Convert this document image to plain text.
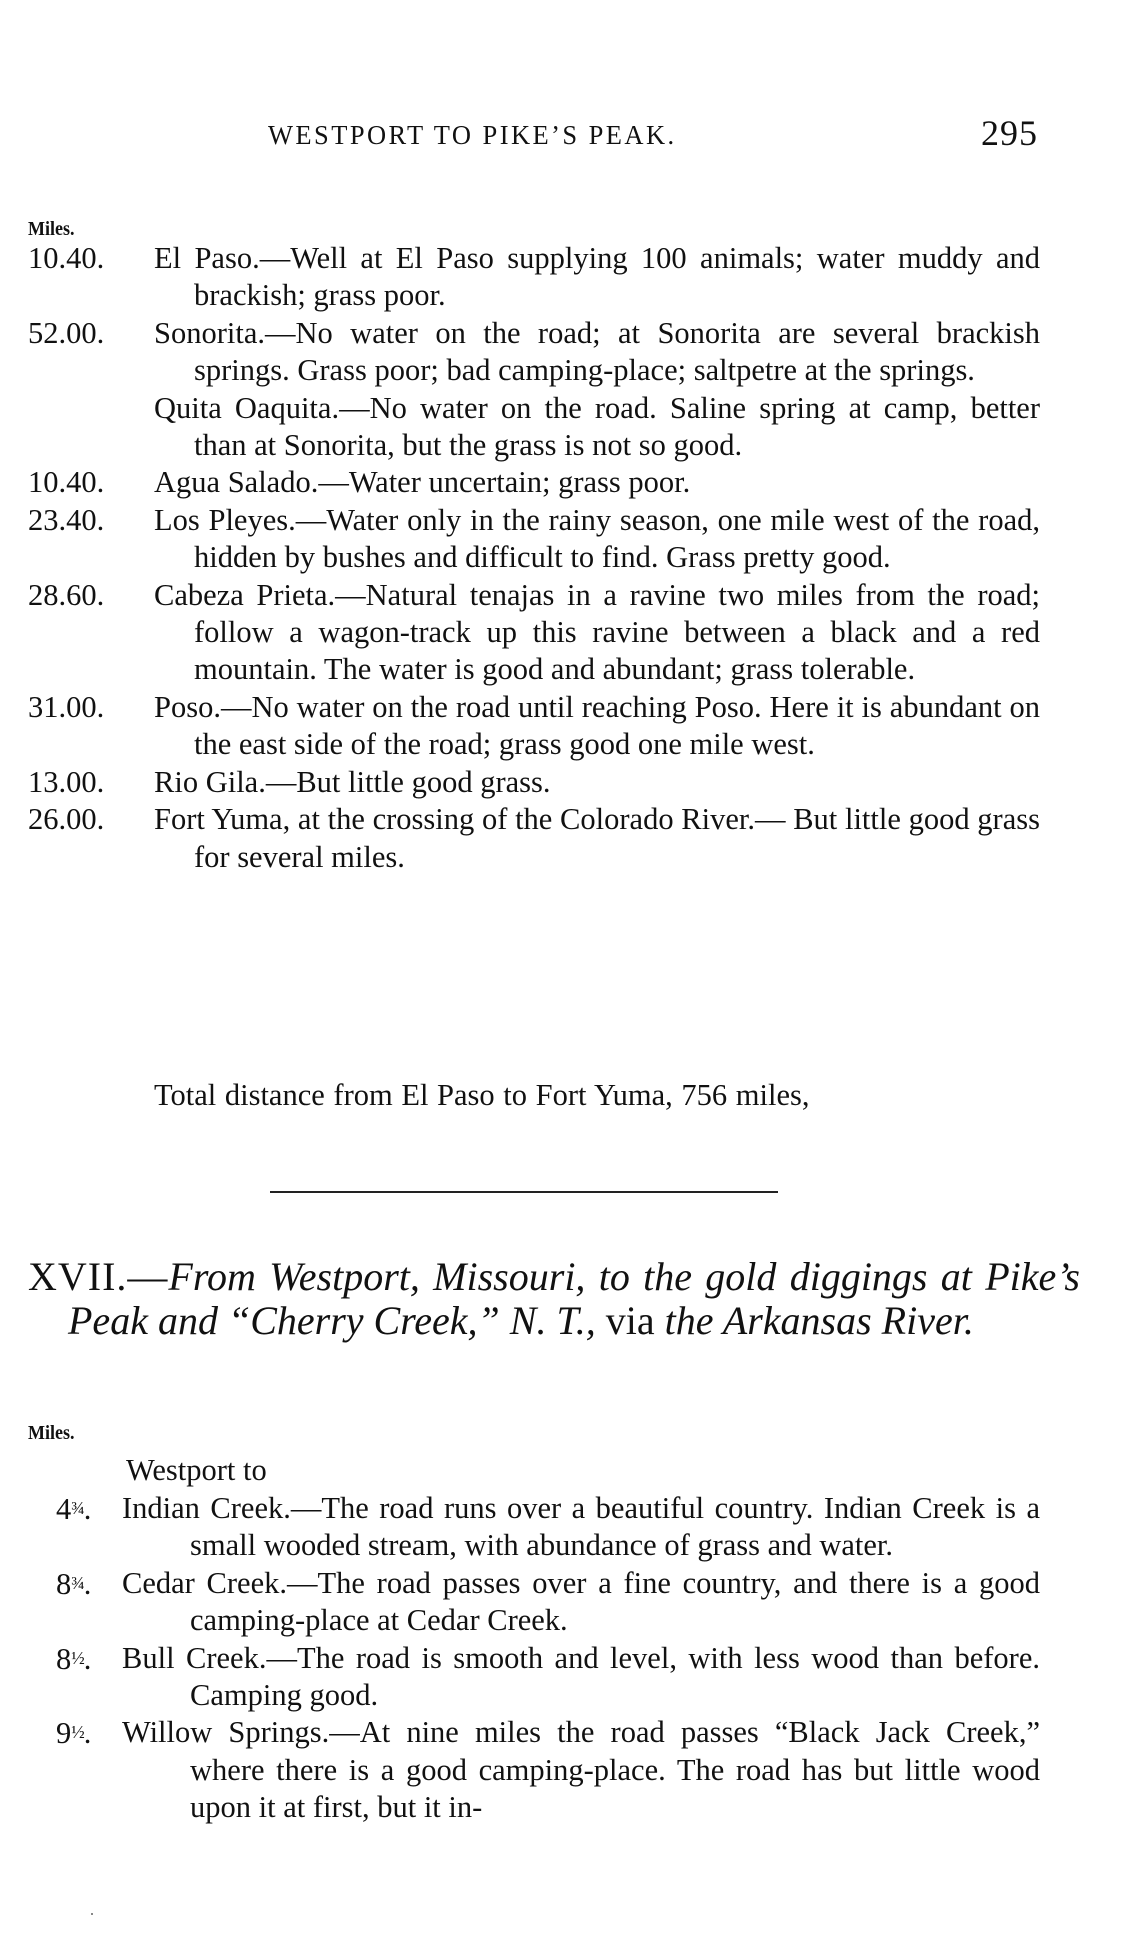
WESTPORT TO PIKE’S PEAK.	295
Miles.
10.40. El Paso.—Well at El Paso supplying 100 animals; water muddy and brackish; grass poor.
52.00. Sonorita.—No water on the road; at Sonorita are several brackish springs. Grass poor; bad camping-place; saltpetre at the springs.
Quita Oaquita.—No water on the road. Saline spring at camp, better than at Sonorita, but the grass is not so good.
10.40. Agua Salado.—Water uncertain; grass poor.
23.40. Los Pleyes.—Water only in the rainy season, one mile west of the road, hidden by bushes and difficult to find. Grass pretty good.
28.60. Cabeza Prieta.—Natural tenajas in a ravine two miles from the road; follow a wagon-track up this ravine between a black and a red mountain. The water is good and abundant; grass tolerable.
31.00. Poso.—No water on the road until reaching Poso. Here it is abundant on the east side of the road; grass good one mile west.
13.00. Rio Gila.—But little good grass.
26.00. Fort Yuma, at the crossing of the Colorado River.— But little good grass for several miles.
Total distance from El Paso to Fort Yuma, 756 miles,
XVII.—From Westport, Missouri, to the gold diggings at Pike’s Peak and “Cherry Creek,” N. T., via the Arkansas River.
Miles.
Westport to
4¾. Indian Creek.—The road runs over a beautiful country. Indian Creek is a small wooded stream, with abundance of grass and water.
8¾. Cedar Creek.—The road passes over a fine country, and there is a good camping-place at Cedar Creek.
8½. Bull Creek.—The road is smooth and level, with less wood than before. Camping good.
9½. Willow Springs.—At nine miles the road passes “Black Jack Creek,” where there is a good camping-place. The road has but little wood upon it at first, but it in-
